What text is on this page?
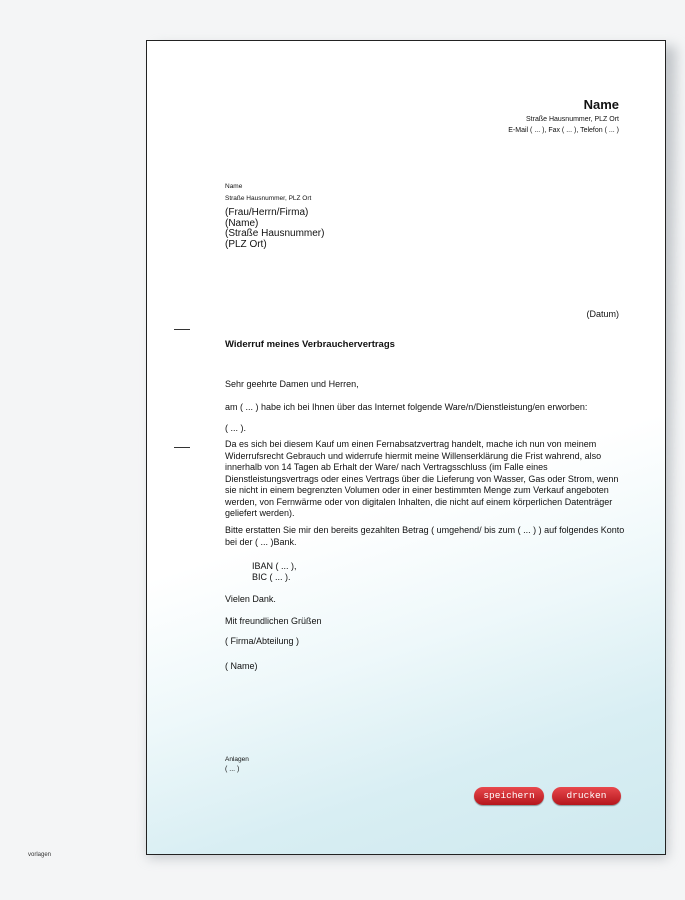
Name
Straße Hausnummer, PLZ Ort
E-Mail ( ... ), Fax ( ... ), Telefon ( ... )
Name
Straße Hausnummer, PLZ Ort
(Frau/Herrn/Firma)
(Name)
(Straße Hausnummer)
(PLZ Ort)
(Datum)
Widerruf meines Verbrauchervertrags
Sehr geehrte Damen und Herren,
am ( ... ) habe ich bei Ihnen über das Internet folgende Ware/n/Dienstleistung/en erworben:
( ... ).
Da es sich bei diesem Kauf um einen Fernabsatzvertrag handelt, mache ich nun von meinem Widerrufsrecht Gebrauch und widerrufe hiermit meine Willenserklärung die Frist wahrend, also innerhalb von 14 Tagen ab Erhalt der Ware/ nach Vertragsschluss (im Falle eines Dienstleistungsvertrags oder eines Vertrags über die Lieferung von Wasser, Gas oder Strom, wenn sie nicht in einem begrenzten Volumen oder in einer bestimmten Menge zum Verkauf angeboten werden, von Fernwärme oder von digitalen Inhalten, die nicht auf einem körperlichen Datenträger geliefert werden).
Bitte erstatten Sie mir den bereits gezahlten Betrag ( umgehend/ bis zum ( ... ) ) auf folgendes Konto bei der ( ... )Bank.
IBAN ( ... ),
BIC ( ... ).
Vielen Dank.
Mit freundlichen Grüßen
( Firma/Abteilung )
( Name)
Anlagen
( ... )
speichern	drucken
vorlagen
